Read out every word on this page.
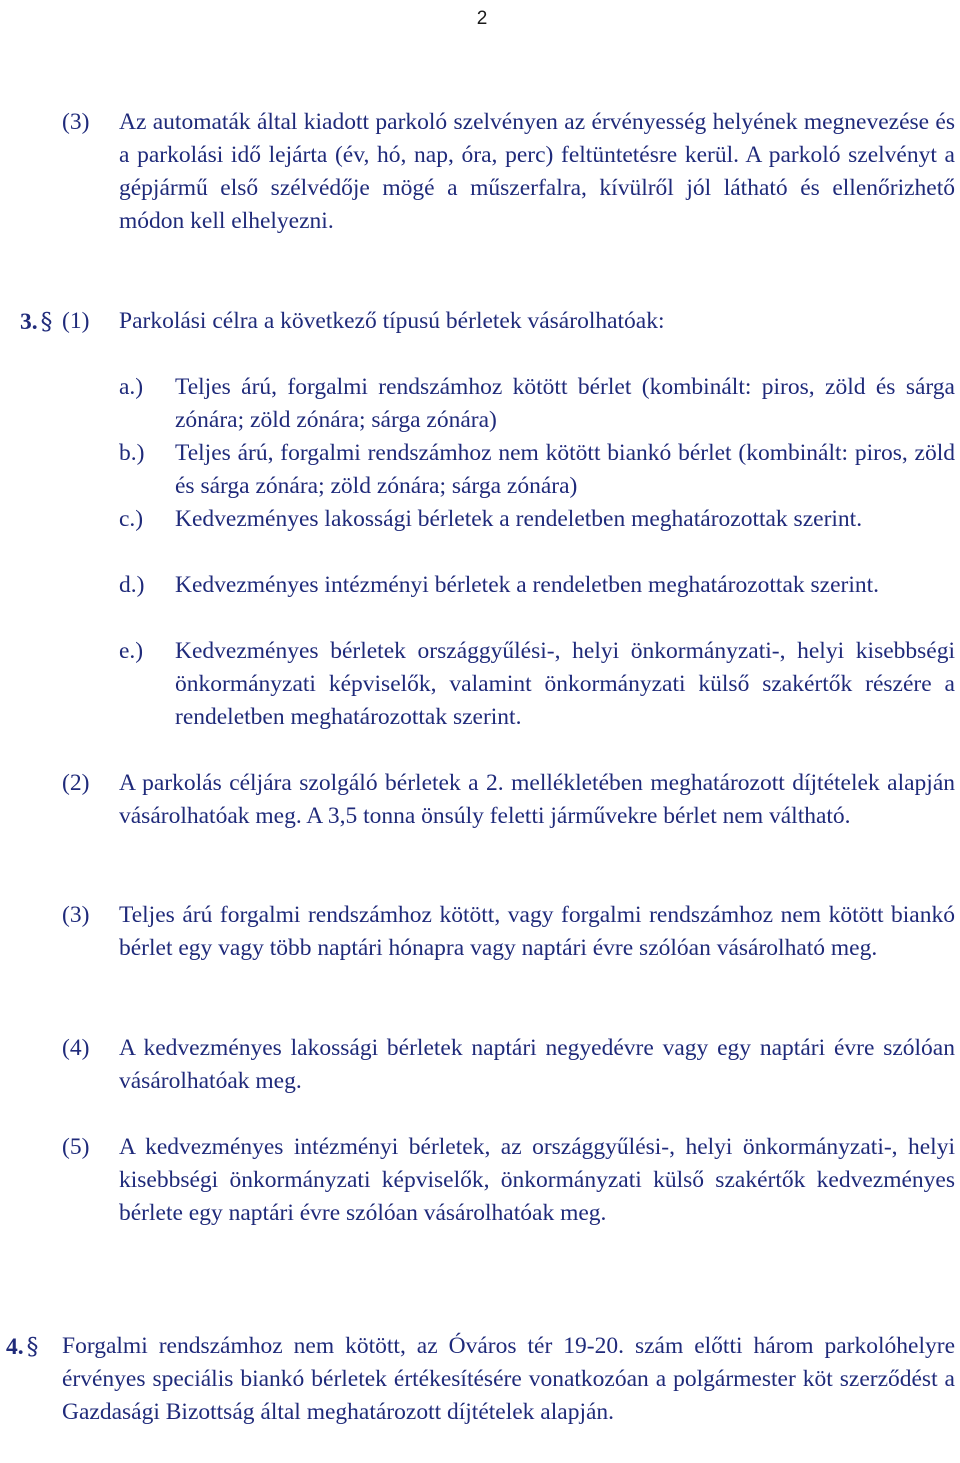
2
(3) Az automaták által kiadott parkoló szelvényen az érvényesség helyének megnevezése és a parkolási idő lejárta (év, hó, nap, óra, perc) feltüntetésre kerül. A parkoló szelvényt a gépjármű első szélvédője mögé a műszerfalra, kívülről jól látható és ellenőrizhető módon kell elhelyezni.
3. § (1) Parkolási célra a következő típusú bérletek vásárolhatóak:
a.) Teljes árú, forgalmi rendszámhoz kötött bérlet (kombinált: piros, zöld és sárga zónára; zöld zónára; sárga zónára)
b.) Teljes árú, forgalmi rendszámhoz nem kötött biankó bérlet (kombinált: piros, zöld és sárga zónára; zöld zónára; sárga zónára)
c.) Kedvezményes lakossági bérletek a rendeletben meghatározottak szerint.
d.) Kedvezményes intézményi bérletek a rendeletben meghatározottak szerint.
e.) Kedvezményes bérletek országgyűlési-, helyi önkormányzati-, helyi kisebbségi önkormányzati képviselők, valamint önkormányzati külső szakértők részére a rendeletben meghatározottak szerint.
(2) A parkolás céljára szolgáló bérletek a 2. mellékletében meghatározott díjtételek alapján vásárolhatóak meg. A 3,5 tonna önsúly feletti járművekre bérlet nem váltható.
(3) Teljes árú forgalmi rendszámhoz kötött, vagy forgalmi rendszámhoz nem kötött biankó bérlet egy vagy több naptári hónapra vagy naptári évre szólóan vásárolható meg.
(4) A kedvezményes lakossági bérletek naptári negyedévre vagy egy naptári évre szólóan vásárolhatóak meg.
(5) A kedvezményes intézményi bérletek, az országgyűlési-, helyi önkormányzati-, helyi kisebbségi önkormányzati képviselők, önkormányzati külső szakértők kedvezményes bérlete egy naptári évre szólóan vásárolhatóak meg.
4. § Forgalmi rendszámhoz nem kötött, az Óváros tér 19-20. szám előtti három parkolóhelyre érvényes speciális biankó bérletek értékesítésére vonatkozóan a polgármester köt szerződést a Gazdasági Bizottság által meghatározott díjtételek alapján.
